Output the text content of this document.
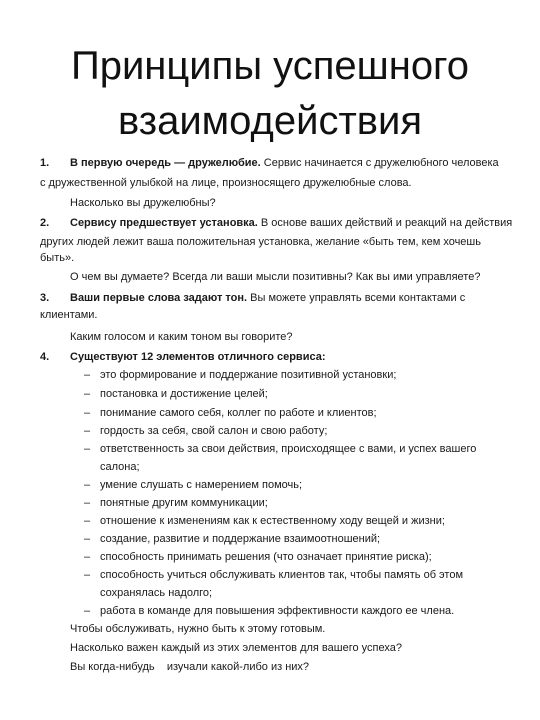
Принципы успешного
взаимодействия
1. В первую очередь — дружелюбие. Сервис начинается с дружелюбного человека
с дружественной улыбкой на лице, произносящего дружелюбные слова.
Насколько вы дружелюбны?
2. Сервису предшествует установка. В основе ваших действий и реакций на действия
других людей лежит ваша положительная установка, желание «быть тем, кем хочешь
быть».
О чем вы думаете? Всегда ли ваши мысли позитивны? Как вы ими управляете?
3. Ваши первые слова задают тон. Вы можете управлять всеми контактами с
клиентами.
Каким голосом и каким тоном вы говорите?
4. Существуют 12 элементов отличного сервиса:
– это формирование и поддержание позитивной установки;
– постановка и достижение целей;
– понимание самого себя, коллег по работе и клиентов;
– гордость за себя, свой салон и свою работу;
– ответственность за свои действия, происходящее с вами, и успех вашего
салона;
– умение слушать с намерением помочь;
– понятные другим коммуникации;
– отношение к изменениям как к естественному ходу вещей и жизни;
– создание, развитие и поддержание взаимоотношений;
– способность принимать решения (что означает принятие риска);
– способность учиться обслуживать клиентов так, чтобы память об этом
сохранялась надолго;
– работа в команде для повышения эффективности каждого ее члена.
Чтобы обслуживать, нужно быть к этому готовым.
Насколько важен каждый из этих элементов для вашего успеха?
Вы когда-нибудь    изучали какой-либо из них?
